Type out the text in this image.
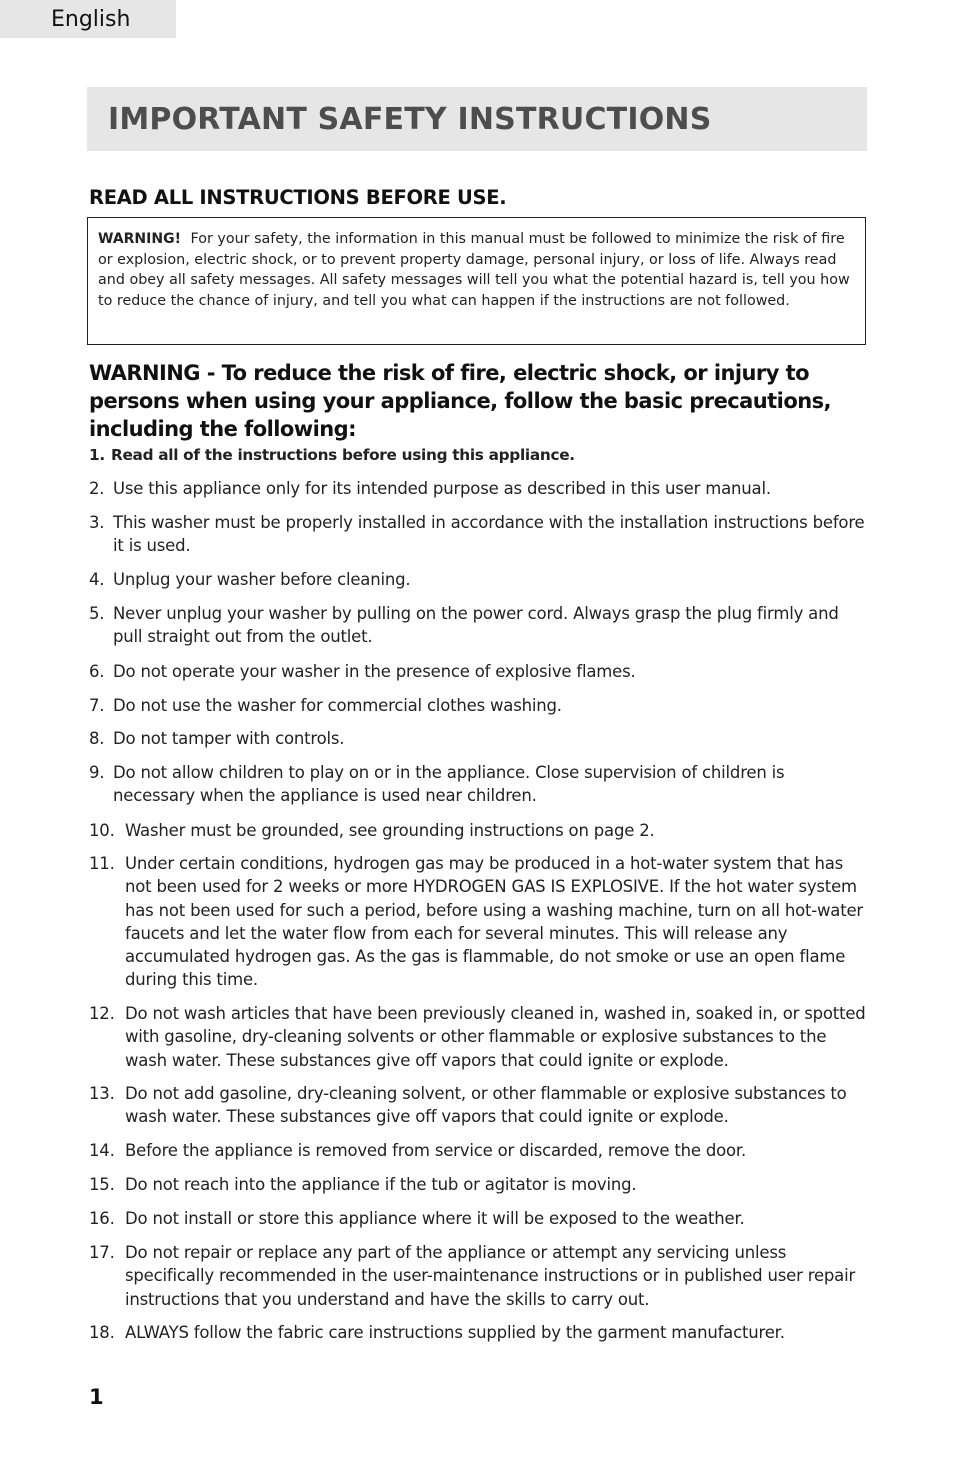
English
IMPORTANT SAFETY INSTRUCTIONS
READ ALL INSTRUCTIONS BEFORE USE.
WARNING! For your safety, the information in this manual must be followed to minimize the risk of fire or explosion, electric shock, or to prevent property damage, personal injury, or loss of life. Always read and obey all safety messages. All safety messages will tell you what the potential hazard is, tell you how to reduce the chance of injury, and tell you what can happen if the instructions are not followed.
WARNING - To reduce the risk of fire, electric shock, or injury to persons when using your appliance, follow the basic precautions, including the following:
1. Read all of the instructions before using this appliance.
2. Use this appliance only for its intended purpose as described in this user manual.
3. This washer must be properly installed in accordance with the installation instructions before it is used.
4. Unplug your washer before cleaning.
5. Never unplug your washer by pulling on the power cord. Always grasp the plug firmly and pull straight out from the outlet.
6. Do not operate your washer in the presence of explosive flames.
7. Do not use the washer for commercial clothes washing.
8. Do not tamper with controls.
9. Do not allow children to play on or in the appliance. Close supervision of children is necessary when the appliance is used near children.
10. Washer must be grounded, see grounding instructions on page 2.
11. Under certain conditions, hydrogen gas may be produced in a hot-water system that has not been used for 2 weeks or more HYDROGEN GAS IS EXPLOSIVE. If the hot water system has not been used for such a period, before using a washing machine, turn on all hot-water faucets and let the water flow from each for several minutes. This will release any accumulated hydrogen gas. As the gas is flammable, do not smoke or use an open flame during this time.
12. Do not wash articles that have been previously cleaned in, washed in, soaked in, or spotted with gasoline, dry-cleaning solvents or other flammable or explosive substances to the wash water. These substances give off vapors that could ignite or explode.
13. Do not add gasoline, dry-cleaning solvent, or other flammable or explosive substances to wash water. These substances give off vapors that could ignite or explode.
14. Before the appliance is removed from service or discarded, remove the door.
15. Do not reach into the appliance if the tub or agitator is moving.
16. Do not install or store this appliance where it will be exposed to the weather.
17. Do not repair or replace any part of the appliance or attempt any servicing unless specifically recommended in the user-maintenance instructions or in published user repair instructions that you understand and have the skills to carry out.
18. ALWAYS follow the fabric care instructions supplied by the garment manufacturer.
1
